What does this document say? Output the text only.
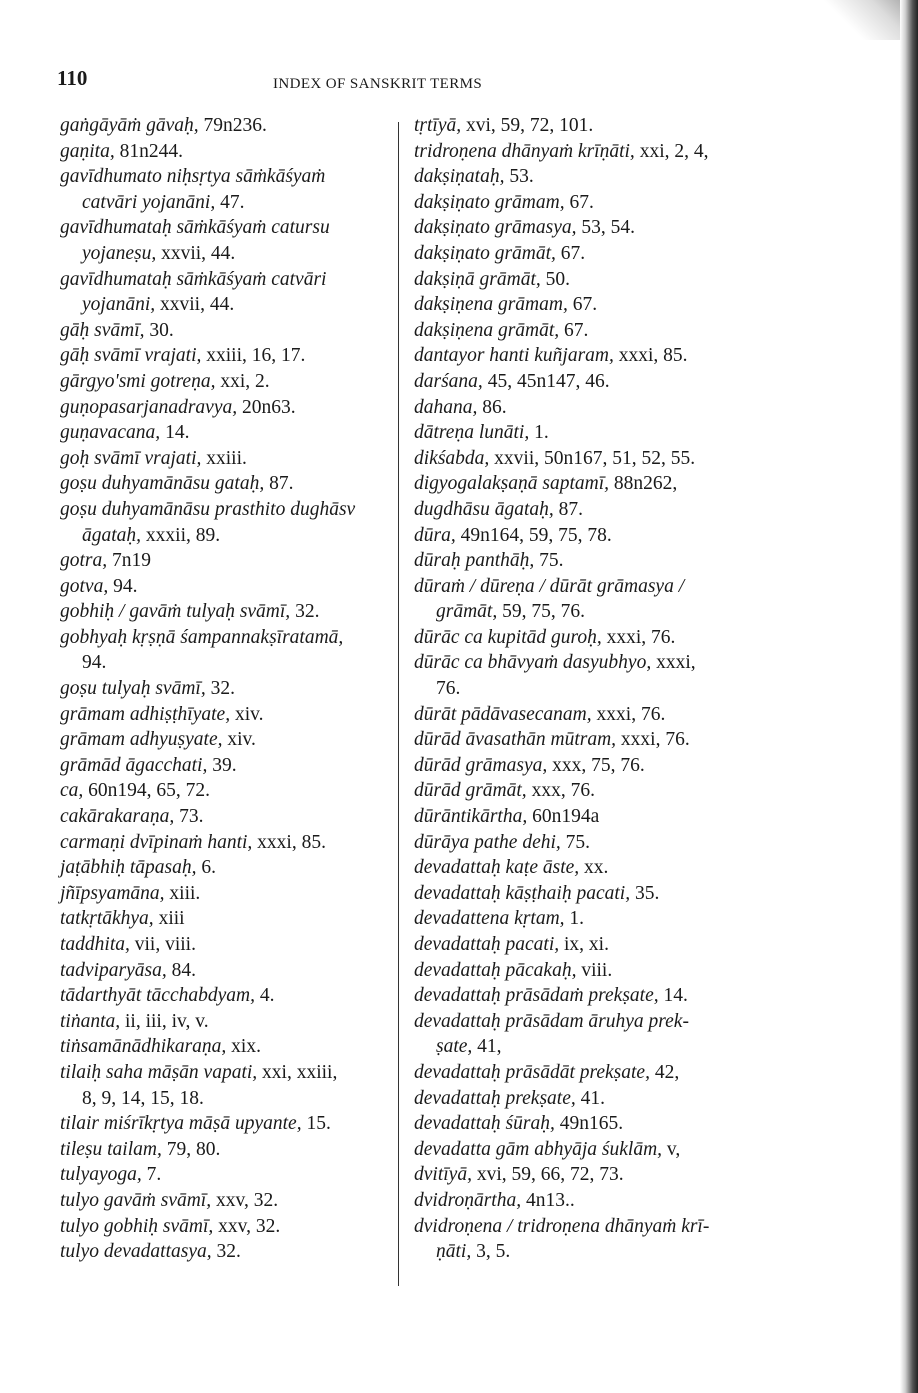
110	INDEX OF SANSKRIT TERMS
gaṅgāyāṁ gāvaḥ, 79n236.
gaṇita, 81n244.
gavīdhumato niḥsṛtya sāṁkāśyaṁ
catvāri yojanāni, 47.
gavīdhumataḥ sāṁkāśyaṁ catursu
yojaneṣu, xxvii, 44.
gavīdhumataḥ sāṁkāśyaṁ catvāri
yojanāni, xxvii, 44.
gāḥ svāmī, 30.
gāḥ svāmī vrajati, xxiii, 16, 17.
gārgyo'smi gotreṇa, xxi, 2.
guṇopasarjanadravya, 20n63.
guṇavacana, 14.
goḥ svāmī vrajati, xxiii.
goṣu duhyamānāsu gataḥ, 87.
goṣu duhyamānāsu prasthito dughāsv
āgataḥ, xxxii, 89.
gotra, 7n19
gotva, 94.
gobhiḥ / gavāṁ tulyaḥ svāmī, 32.
gobhyaḥ kṛṣṇā śampannakṣīratamā,
94.
goṣu tulyaḥ svāmī, 32.
grāmam adhiṣṭhīyate, xiv.
grāmam adhyuṣyate, xiv.
grāmād āgacchati, 39.
ca, 60n194, 65, 72.
cakārakaraṇa, 73.
carmaṇi dvīpinaṁ hanti, xxxi, 85.
jaṭābhiḥ tāpasaḥ, 6.
jñīpsyamāna, xiii.
tatkṛtākhya, xiii
taddhita, vii, viii.
tadviparyāsa, 84.
tādarthyāt tācchabdyam, 4.
tiṅanta, ii, iii, iv, v.
tiṅsamānādhikaraṇa, xix.
tilaiḥ saha māṣān vapati, xxi, xxiii,
8, 9, 14, 15, 18.
tilair miśrīkṛtya māṣā upyante, 15.
tileṣu tailam, 79, 80.
tulyayoga, 7.
tulyo gavāṁ svāmī, xxv, 32.
tulyo gobhiḥ svāmī, xxv, 32.
tulyo devadattasya, 32.
tṛtīyā, xvi, 59, 72, 101.
tridroṇena dhānyaṁ krīṇāti, xxi, 2, 4,
dakṣiṇataḥ, 53.
dakṣiṇato grāmam, 67.
dakṣiṇato grāmasya, 53, 54.
dakṣiṇato grāmāt, 67.
dakṣiṇā grāmāt, 50.
dakṣiṇena grāmam, 67.
dakṣiṇena grāmāt, 67.
dantayor hanti kuñjaram, xxxi, 85.
darśana, 45, 45n147, 46.
dahana, 86.
dātreṇa lunāti, 1.
dikśabda, xxvii, 50n167, 51, 52, 55.
digyogalakṣaṇā saptamī, 88n262,
dugdhāsu āgataḥ, 87.
dūra, 49n164, 59, 75, 78.
dūraḥ panthāḥ, 75.
dūraṁ / dūreṇa / dūrāt grāmasya /
grāmāt, 59, 75, 76.
dūrāc ca kupitād guroḥ, xxxi, 76.
dūrāc ca bhāvyaṁ dasyubhyo, xxxi,
76.
dūrāt pādāvasecanam, xxxi, 76.
dūrād āvasathān mūtram, xxxi, 76.
dūrād grāmasya, xxx, 75, 76.
dūrād grāmāt, xxx, 76.
dūrāntikārtha, 60n194a
dūrāya pathe dehi, 75.
devadattaḥ kaṭe āste, xx.
devadattaḥ kāṣṭhaiḥ pacati, 35.
devadattena kṛtam, 1.
devadattaḥ pacati, ix, xi.
devadattaḥ pācakaḥ, viii.
devadattaḥ prāsādaṁ prekṣate, 14.
devadattaḥ prāsādam āruhya prek-
ṣate, 41,
devadattaḥ prāsādāt prekṣate, 42,
devadattaḥ prekṣate, 41.
devadattaḥ śūraḥ, 49n165.
devadatta gām abhyāja śuklām, v,
dvitīyā, xvi, 59, 66, 72, 73.
dvidroṇārtha, 4n13..
dvidroṇena / tridroṇena dhānyaṁ krī-
ṇāti, 3, 5.
